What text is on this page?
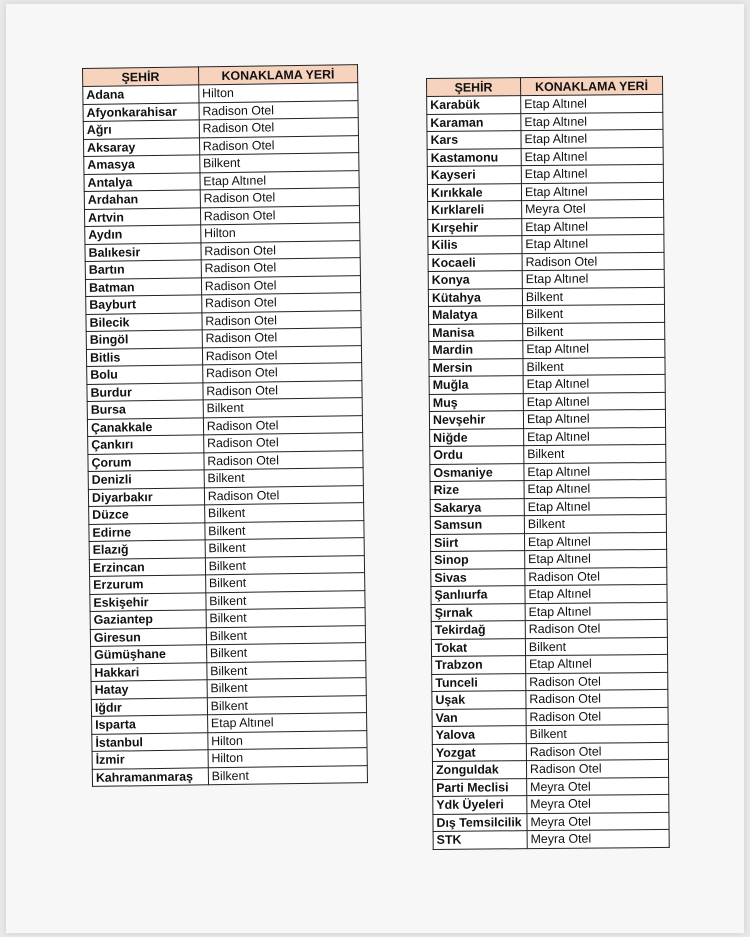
ŞEHİR	KONAKLAMA YERİ
Adana	Hilton
Afyonkarahisar	Radison Otel
Ağrı	Radison Otel
Aksaray	Radison Otel
Amasya	Bilkent
Antalya	Etap Altınel
Ardahan	Radison Otel
Artvin	Radison Otel
Aydın	Hilton
Balıkesir	Radison Otel
Bartın	Radison Otel
Batman	Radison Otel
Bayburt	Radison Otel
Bilecik	Radison Otel
Bingöl	Radison Otel
Bitlis	Radison Otel
Bolu	Radison Otel
Burdur	Radison Otel
Bursa	Bilkent
Çanakkale	Radison Otel
Çankırı	Radison Otel
Çorum	Radison Otel
Denizli	Bilkent
Diyarbakır	Radison Otel
Düzce	Bilkent
Edirne	Bilkent
Elazığ	Bilkent
Erzincan	Bilkent
Erzurum	Bilkent
Eskişehir	Bilkent
Gaziantep	Bilkent
Giresun	Bilkent
Gümüşhane	Bilkent
Hakkari	Bilkent
Hatay	Bilkent
Iğdır	Bilkent
Isparta	Etap Altınel
İstanbul	Hilton
İzmir	Hilton
Kahramanmaraş	Bilkent
ŞEHİR	KONAKLAMA YERİ
Karabük	Etap Altınel
Karaman	Etap Altınel
Kars	Etap Altınel
Kastamonu	Etap Altınel
Kayseri	Etap Altınel
Kırıkkale	Etap Altınel
Kırklareli	Meyra Otel
Kırşehir	Etap Altınel
Kilis	Etap Altınel
Kocaeli	Radison Otel
Konya	Etap Altınel
Kütahya	Bilkent
Malatya	Bilkent
Manisa	Bilkent
Mardin	Etap Altınel
Mersin	Bilkent
Muğla	Etap Altınel
Muş	Etap Altınel
Nevşehir	Etap Altınel
Niğde	Etap Altınel
Ordu	Bilkent
Osmaniye	Etap Altınel
Rize	Etap Altınel
Sakarya	Etap Altınel
Samsun	Bilkent
Siirt	Etap Altınel
Sinop	Etap Altınel
Sivas	Radison Otel
Şanlıurfa	Etap Altınel
Şırnak	Etap Altınel
Tekirdağ	Radison Otel
Tokat	Bilkent
Trabzon	Etap Altınel
Tunceli	Radison Otel
Uşak	Radison Otel
Van	Radison Otel
Yalova	Bilkent
Yozgat	Radison Otel
Zonguldak	Radison Otel
Parti Meclisi	Meyra Otel
Ydk Üyeleri	Meyra Otel
Dış Temsilcilik	Meyra Otel
STK	Meyra Otel
